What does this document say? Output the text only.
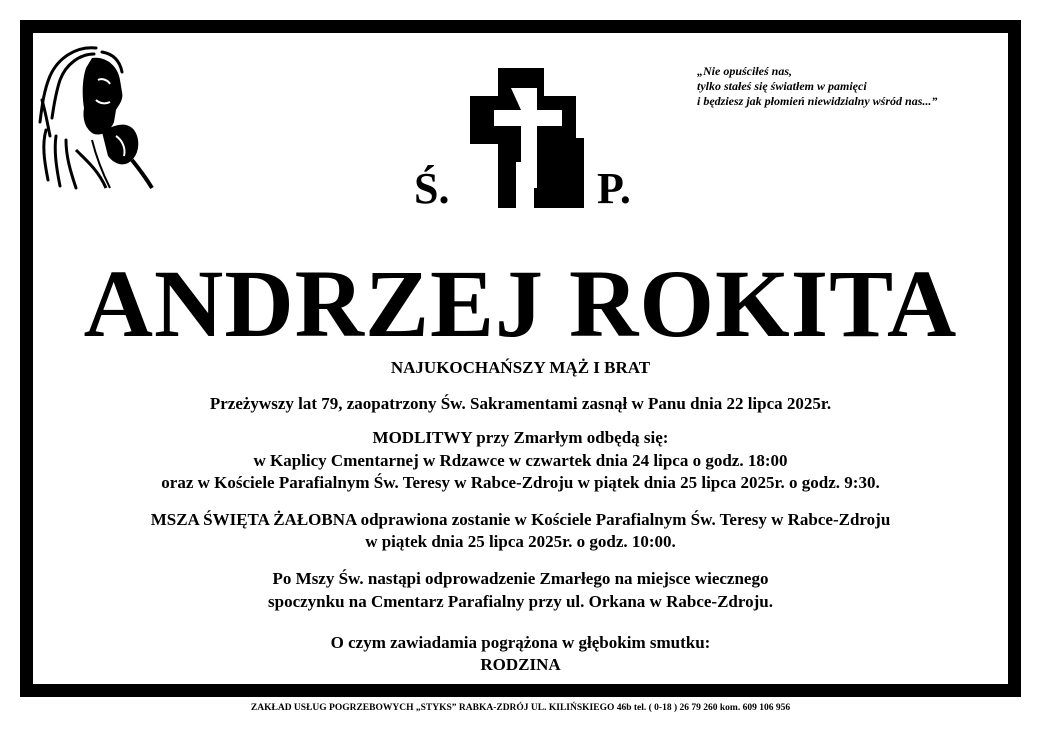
„Nie opuściłeś nas,
tylko stałeś się światłem w pamięci
i będziesz jak płomień niewidzialny wśród nas...”
Ś.	P.
ANDRZEJ ROKITA
NAJUKOCHAŃSZY MĄŻ I BRAT
Przeżywszy lat 79, zaopatrzony Św. Sakramentami zasnął w Panu dnia 22 lipca 2025r.
MODLITWY przy Zmarłym odbędą się:
w Kaplicy Cmentarnej w Rdzawce w czwartek dnia 24 lipca o godz. 18:00
oraz w Kościele Parafialnym Św. Teresy w Rabce-Zdroju w piątek dnia 25 lipca 2025r. o godz. 9:30.
MSZA ŚWIĘTA ŻAŁOBNA odprawiona zostanie w Kościele Parafialnym Św. Teresy w Rabce-Zdroju
w piątek dnia 25 lipca 2025r. o godz. 10:00.
Po Mszy Św. nastąpi odprowadzenie Zmarłego na miejsce wiecznego
spoczynku na Cmentarz Parafialny przy ul. Orkana w Rabce-Zdroju.
O czym zawiadamia pogrążona w głębokim smutku:
RODZINA
ZAKŁAD USŁUG POGRZEBOWYCH „STYKS” RABKA-ZDRÓJ UL. KILIŃSKIEGO 46b tel. ( 0-18 ) 26 79 260 kom. 609 106 956
